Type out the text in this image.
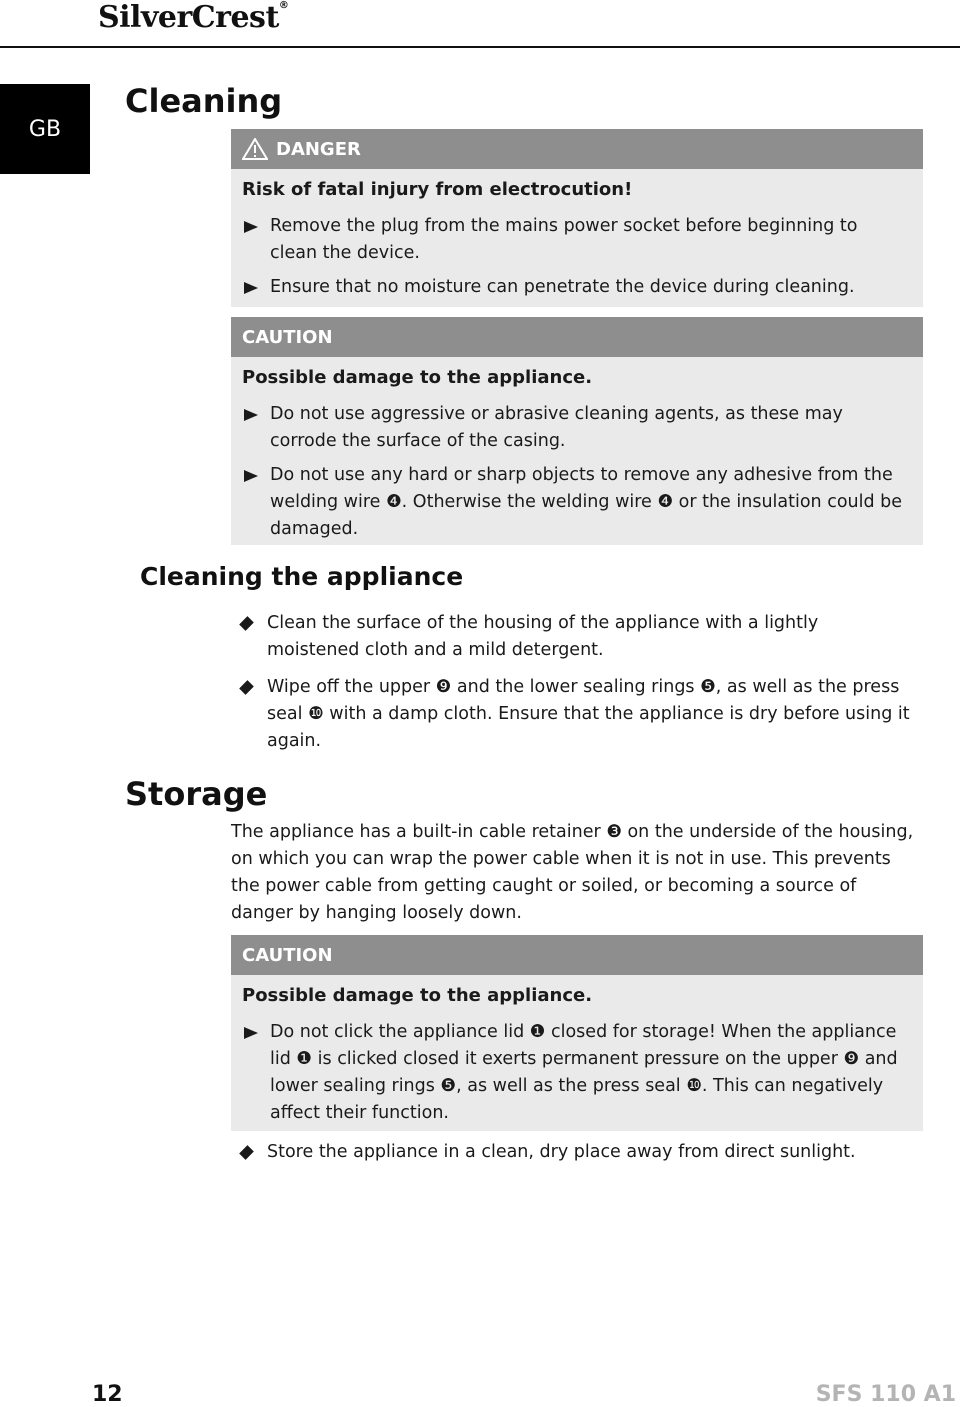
SilverCrest®
GB
Cleaning
DANGER
Risk of fatal injury from electrocution!
Remove the plug from the mains power socket before beginning to clean the device.
Ensure that no moisture can penetrate the device during cleaning.
CAUTION
Possible damage to the appliance.
Do not use aggressive or abrasive cleaning agents, as these may corrode the surface of the casing.
Do not use any hard or sharp objects to remove any adhesive from the welding wire ❹. Otherwise the welding wire ❹ or the insulation could be damaged.
Cleaning the appliance
Clean the surface of the housing of the appliance with a lightly moistened cloth and a mild detergent.
Wipe off the upper ❾ and the lower sealing rings ❺, as well as the press seal ❿ with a damp cloth. Ensure that the appliance is dry before using it again.
Storage

The appliance has a built-in cable retainer ❸ on the underside of the housing, on which you can wrap the power cable when it is not in use. This prevents the power cable from getting caught or soiled, or becoming a source of danger by hanging loosely down.

CAUTION
Possible damage to the appliance.
Do not click the appliance lid ❶ closed for storage! When the appliance lid ❶ is clicked closed it exerts permanent pressure on the upper ❾ and lower sealing rings ❺, as well as the press seal ❿. This can negatively affect their function.
Store the appliance in a clean, dry place away from direct sunlight.
12	SFS 110 A1
